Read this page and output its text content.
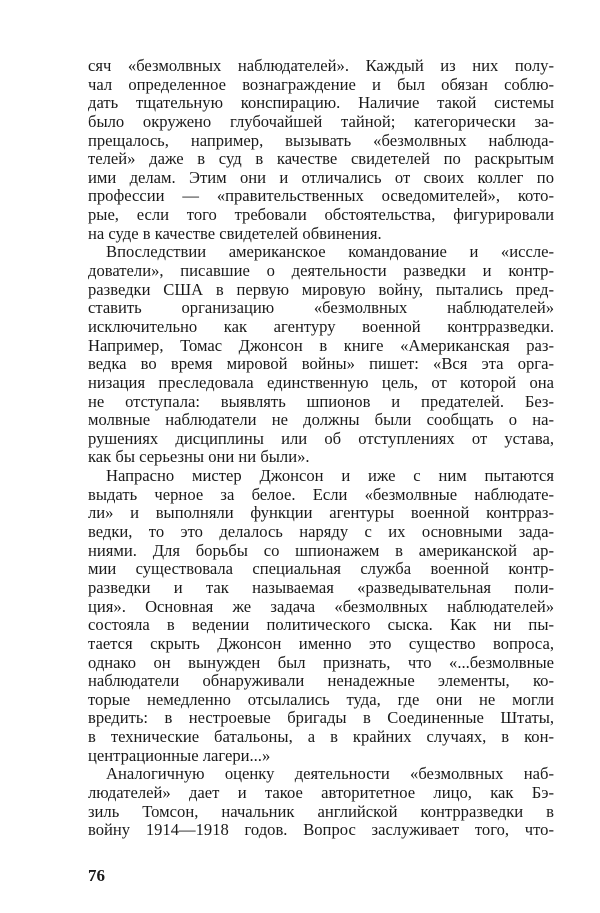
сяч «безмолвных наблюдателей». Каждый из них полу-
чал определенное вознаграждение и был обязан соблю-
дать тщательную конспирацию. Наличие такой системы
было окружено глубочайшей тайной; категорически за-
прещалось, например, вызывать «безмолвных наблюда-
телей» даже в суд в качестве свидетелей по раскрытым
ими делам. Этим они и отличались от своих коллег по
профессии — «правительственных осведомителей», кото-
рые, если того требовали обстоятельства, фигурировали
на суде в качестве свидетелей обвинения.
Впоследствии американское командование и «иссле-
дователи», писавшие о деятельности разведки и контр-
разведки США в первую мировую войну, пытались пред-
ставить организацию «безмолвных наблюдателей»
исключительно как агентуру военной контрразведки.
Например, Томас Джонсон в книге «Американская раз-
ведка во время мировой войны» пишет: «Вся эта орга-
низация преследовала единственную цель, от которой она
не отступала: выявлять шпионов и предателей. Без-
молвные наблюдатели не должны были сообщать о на-
рушениях дисциплины или об отступлениях от устава,
как бы серьезны они ни были».
Напрасно мистер Джонсон и иже с ним пытаются
выдать черное за белое. Если «безмолвные наблюдате-
ли» и выполняли функции агентуры военной контрраз-
ведки, то это делалось наряду с их основными зада-
ниями. Для борьбы со шпионажем в американской ар-
мии существовала специальная служба военной контр-
разведки и так называемая «разведывательная поли-
ция». Основная же задача «безмолвных наблюдателей»
состояла в ведении политического сыска. Как ни пы-
тается скрыть Джонсон именно это существо вопроса,
однако он вынужден был признать, что «...безмолвные
наблюдатели обнаруживали ненадежные элементы, ко-
торые немедленно отсылались туда, где они не могли
вредить: в нестроевые бригады в Соединенные Штаты,
в технические батальоны, а в крайних случаях, в кон-
центрационные лагери...»
Аналогичную оценку деятельности «безмолвных наб-
людателей» дает и такое авторитетное лицо, как Бэ-
зиль Томсон, начальник английской контрразведки в
войну 1914—1918 годов. Вопрос заслуживает того, что-
76
